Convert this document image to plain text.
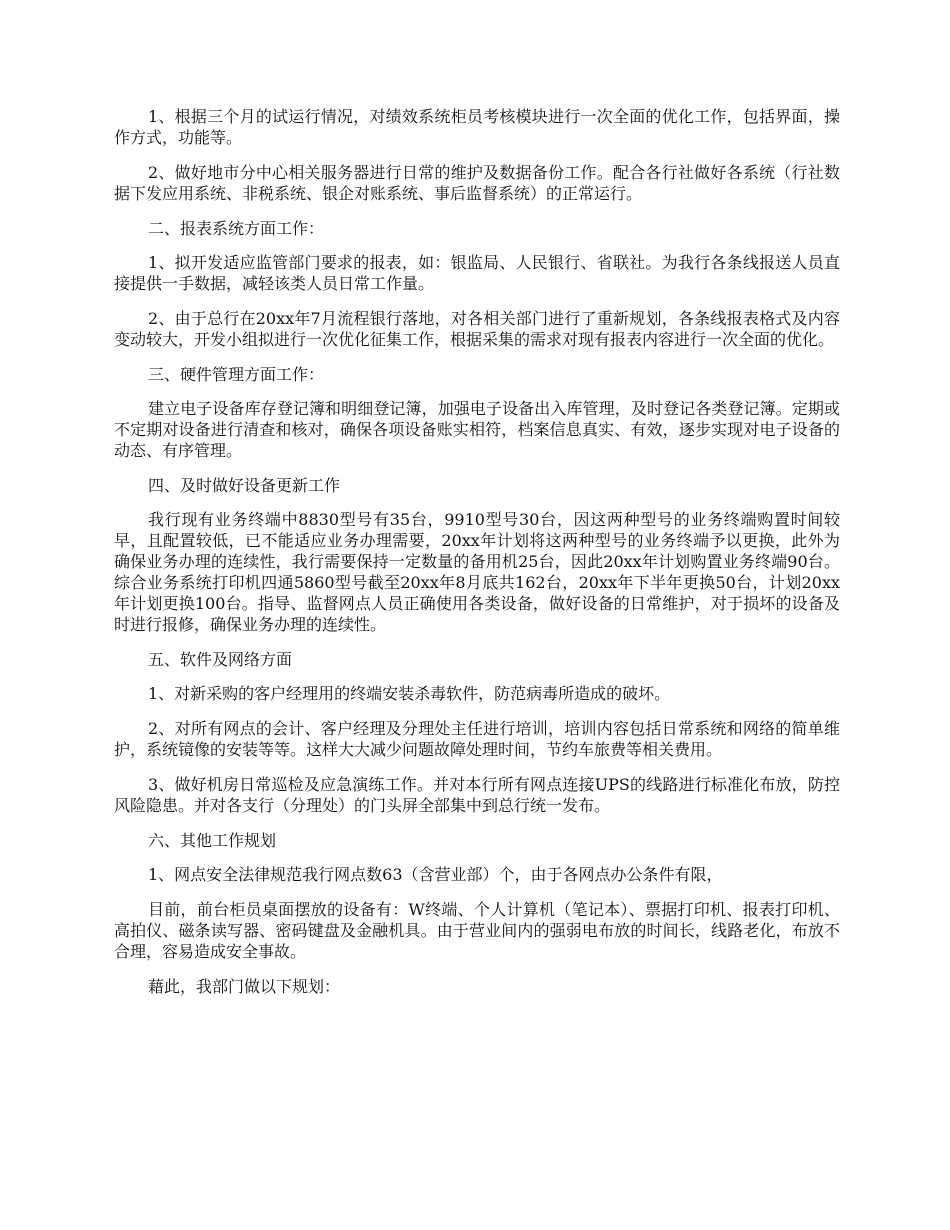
1、根据三个月的试运行情况，对绩效系统柜员考核模块进行一次全面的优化工作，包括界面，操作方式，功能等。

2、做好地市分中心相关服务器进行日常的维护及数据备份工作。配合各行社做好各系统（行社数据下发应用系统、非税系统、银企对账系统、事后监督系统）的正常运行。

二、报表系统方面工作：

1、拟开发适应监管部门要求的报表，如：银监局、人民银行、省联社。为我行各条线报送人员直接提供一手数据，减轻该类人员日常工作量。

2、由于总行在20xx年7月流程银行落地，对各相关部门进行了重新规划，各条线报表格式及内容变动较大，开发小组拟进行一次优化征集工作，根据采集的需求对现有报表内容进行一次全面的优化。

三、硬件管理方面工作：

建立电子设备库存登记簿和明细登记簿，加强电子设备出入库管理，及时登记各类登记簿。定期或不定期对设备进行清查和核对，确保各项设备账实相符，档案信息真实、有效，逐步实现对电子设备的动态、有序管理。

四、及时做好设备更新工作

我行现有业务终端中8830型号有35台，9910型号30台，因这两种型号的业务终端购置时间较早，且配置较低，已不能适应业务办理需要，20xx年计划将这两种型号的业务终端予以更换，此外为确保业务办理的连续性，我行需要保持一定数量的备用机25台，因此20xx年计划购置业务终端90台。综合业务系统打印机四通5860型号截至20xx年8月底共162台，20xx年下半年更换50台，计划20xx年计划更换100台。指导、监督网点人员正确使用各类设备，做好设备的日常维护，对于损坏的设备及时进行报修，确保业务办理的连续性。

五、软件及网络方面

1、对新采购的客户经理用的终端安装杀毒软件，防范病毒所造成的破坏。

2、对所有网点的会计、客户经理及分理处主任进行培训，培训内容包括日常系统和网络的简单维护，系统镜像的安装等等。这样大大减少问题故障处理时间，节约车旅费等相关费用。

3、做好机房日常巡检及应急演练工作。并对本行所有网点连接UPS的线路进行标准化布放，防控风险隐患。并对各支行（分理处）的门头屏全部集中到总行统一发布。

六、其他工作规划

1、网点安全法律规范我行网点数63（含营业部）个，由于各网点办公条件有限，

目前，前台柜员桌面摆放的设备有：W终端、个人计算机（笔记本）、票据打印机、报表打印机、高拍仪、磁条读写器、密码键盘及金融机具。由于营业间内的强弱电布放的时间长，线路老化，布放不合理，容易造成安全事故。

藉此，我部门做以下规划：
